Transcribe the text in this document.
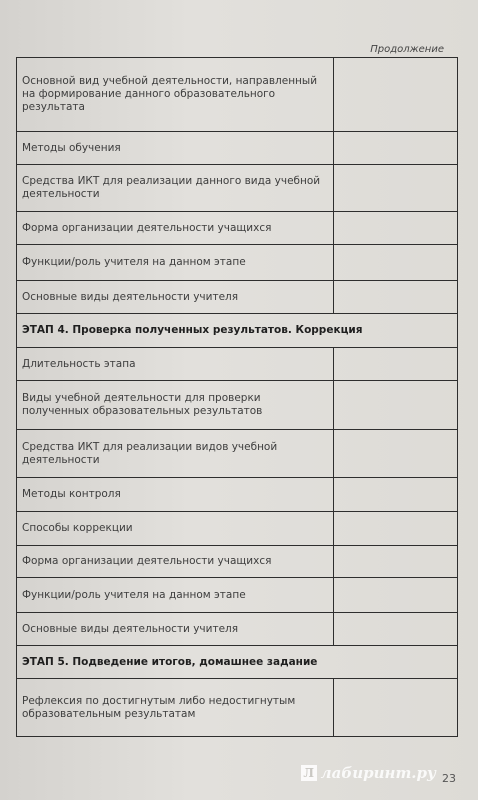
Продолжение
Основной вид учебной деятельности, направленный на формирование данного образовательного результата	
Методы обучения	
Средства ИКТ для реализации данного вида учебной деятельности	
Форма организации деятельности учащихся	
Функции/роль учителя на данном этапе	
Основные виды деятельности учителя	
ЭТАП 4. Проверка полученных результатов. Коррекция	
Длительность этапа	
Виды учебной деятельности для проверки полученных образовательных результатов	
Средства ИКТ для реализации видов учебной деятельности	
Методы контроля	
Способы коррекции	
Форма организации деятельности учащихся	
Функции/роль учителя на данном этапе	
Основные виды деятельности учителя	
ЭТАП 5. Подведение итогов, домашнее задание	
Рефлексия по достигнутым либо недостигнутым образовательным результатам	
Л лабиринт.ру 23
